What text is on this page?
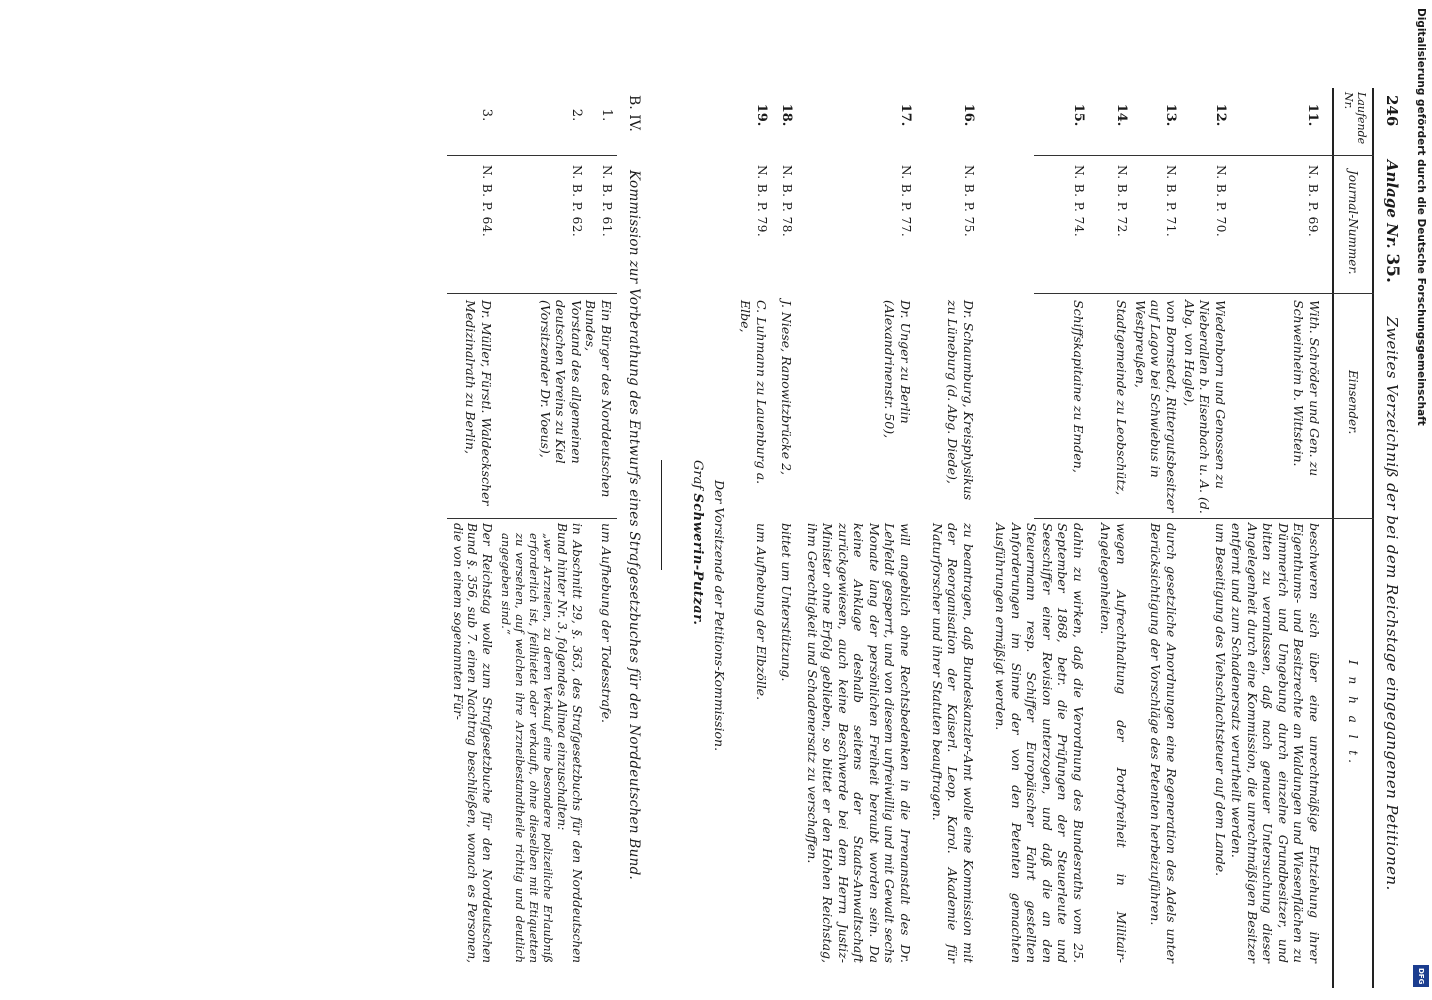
246  Anlage Nr. 35.  Zweites Verzeichniß der bei dem Reichstage eingegangenen Petitionen.
Laufende Nr.
Journal-Nummer.
Einsender.
I n h a l t.
11.
N. B. P. 69.
With. Schröder und Gen. zu Schweinheim b. Wittstein.
beschweren sich über eine unrechtmäßige Entziehung ihrer Eigenthums- und Besitzrechte an Waldungen und Wiesenflächen zu Dümmerich und Umgebung durch einzelne Grundbesitzer, und bitten zu veranlassen, daß nach genauer Untersuchung dieser Angelegenheit durch eine Kommission, die unrechtmäßigen Besitzer entfernt und zum Schadenersatz verurtheilt werden.
12.
N. B. P. 70.
Wiedenborn und Genossen zu Nieberallen b. Eisenbach u. A. (d. Abg. von Hagle),
um Beseitigung des Viehschlachtsteuer auf dem Lande.
13.
N. B. P. 71.
von Bornstedt, Rittergutsbesitzer auf Lagow bei Schwiebus in Westpreußen,
durch gesetzliche Anordnungen eine Regeneration des Adels unter Berücksichtigung der Vorschläge des Petenten herbeizuführen.
14.
N. B. P. 72.
Stadtgemeinde zu Leobschütz,
wegen Aufrechthaltung der Portofreiheit in Militair-Angelegenheiten.
15.
N. B. P. 74.
Schiffskapitaine zu Emden,
dahin zu wirken, daß die Verordnung des Bundesraths vom 25. September 1868, betr. die Prüfungen der Steuerleute und Seeschiffer einer Revision unterzogen, und daß die an den Steuermann resp. Schiffer Europäischer Fahrt gestellten Anforderungen im Sinne der von den Petenten gemachten Ausführungen ermäßigt werden.
16.
N. B. P. 75.
Dr. Schaumburg, Kreisphysikus zu Lüneburg (d. Abg. Diede),
zu beantragen, daß Bundeskanzler-Amt wolle eine Kommission mit der Reorganisation der Kaiserl. Leop. Karol. Akademie für Naturforscher und ihrer Statuten beauftragen.
17.
N. B. P. 77.
Dr. Unger zu Berlin (Alexandrinenstr. 50),
will angeblich ohne Rechtsbedenken in die Irrenanstalt des Dr. Lehfeldt gesperrt, und von diesem unfreiwillig und mit Gewalt sechs Monate lang der persönlichen Freiheit beraubt worden sein. Da keine Anklage deshalb seitens der Staats-Anwaltschaft zurückgewiesen, auch keine Beschwerde bei dem Herrn Justiz-Minister ohne Erfolg geblieben, so bittet er den Hohen Reichstag, ihm Gerechtigkeit und Schadenersatz zu verschaffen.
18.
N. B. P. 78.
J. Niese, Ranowitzbrücke 2,
bittet um Unterstützung.
19.
N. B. P. 79.
C. Luhmann zu Lauenburg a. Elbe,
um Aufhebung der Elbzölle.
Der Vorsitzende der Petitions-Kommission.
Graf Schwerin-Putzar.
B. IV.
Kommission zur Vorberathung des Entwurfs eines Strafgesetzbuches für den Norddeutschen Bund.
1.
N. B. P. 61.
Ein Bürger des Norddeutschen Bundes,
um Aufhebung der Todesstrafe.
2.
N. B. P. 62.
Vorstand des allgemeinen deutschen Vereins zu Kiel (Vorsitzender Dr. Voeus),
in Abschnitt 29, §. 363, des Strafgesetzbuchs für den Norddeutschen Bund hinter Nr. 3. folgendes Alinea einzuschalten:
„wer Arzneien, zu deren Verkauf eine besondere polizeiliche Erlaubniß erforderlich ist, feilhietet oder verkauft, ohne dieselben mit Etiquetten zu versehen, auf welchen ihre Arzneibestandtheile richtig und deutlich angegeben sind.“
3.
N. B. P. 64.
Dr. Müller, Fürstl. Waldeckscher Medizinalrath zu Berlin,
Der Reichstag wolle zum Strafgesetzbuche für den Norddeutschen Bund §. 356, sub 7. einen Nachtrag beschließen, wonach es Personen, die von einem sogenannten Für-
Digitalisierung gefördert durch die Deutsche Forschungsgemeinschaft
DFG
